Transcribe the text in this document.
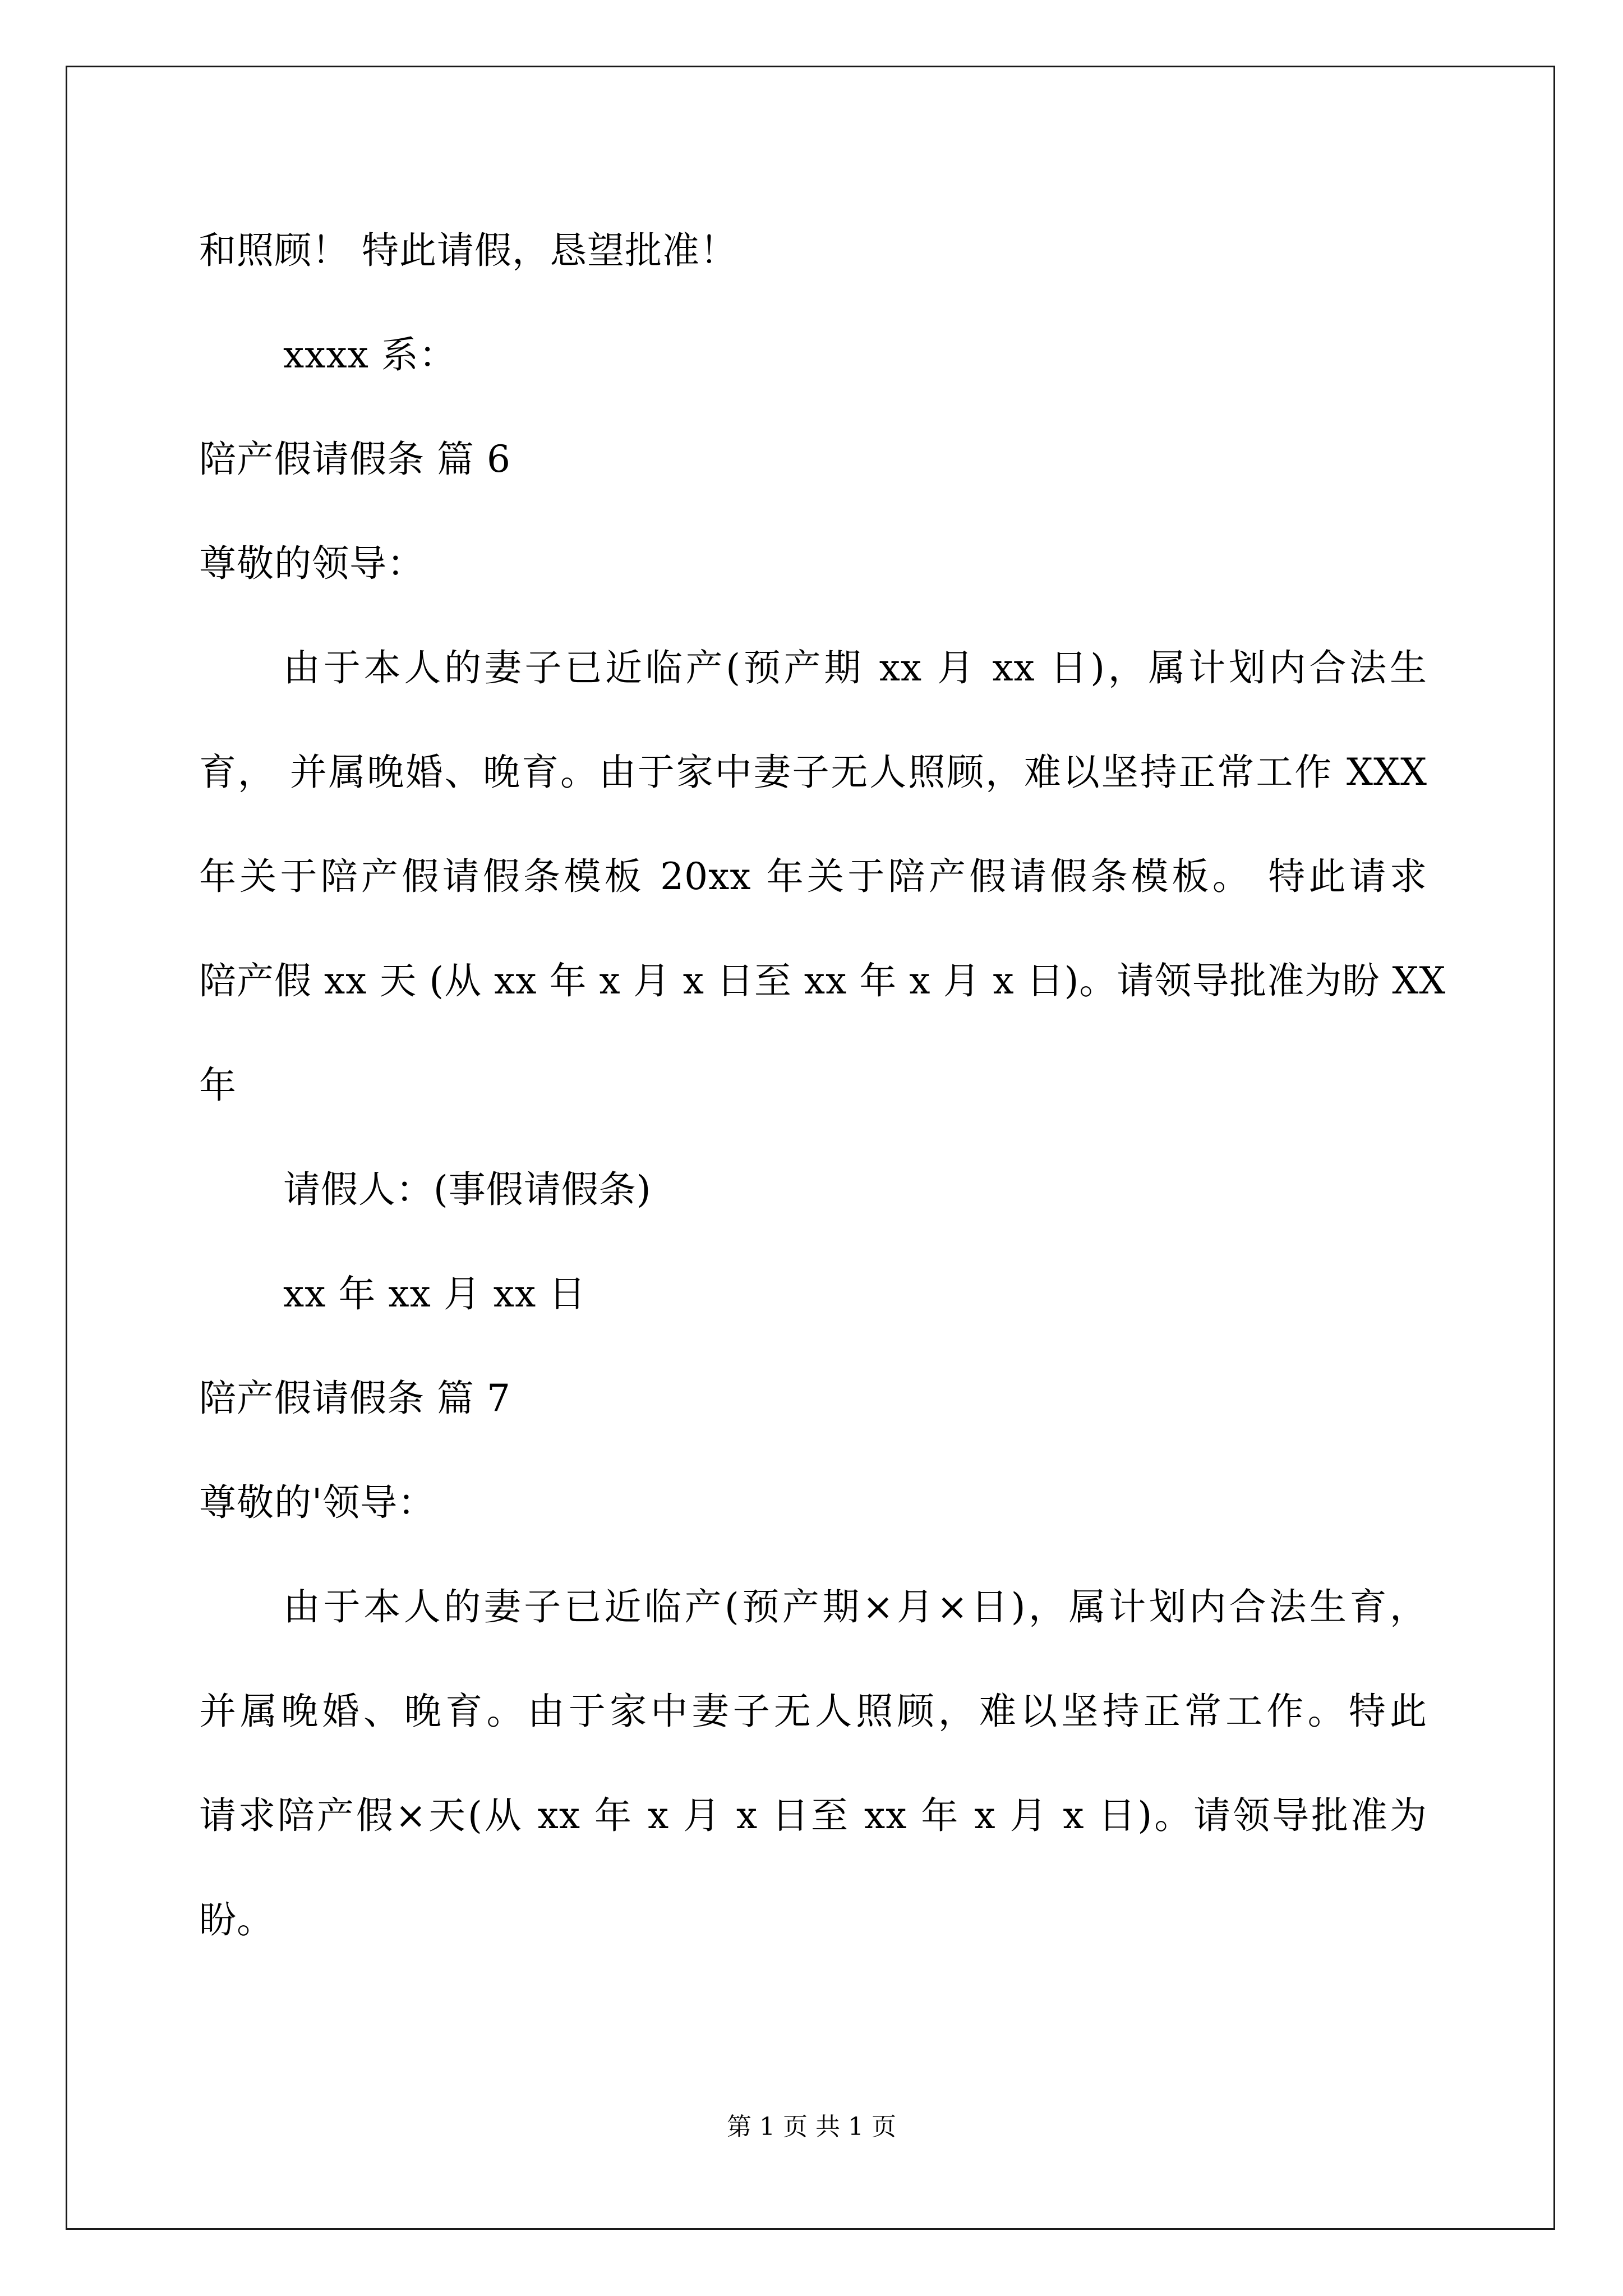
和照顾！ 特此请假，恳望批准！
xxxx 系：
陪产假请假条 篇 6
尊敬的领导：
由于本人的妻子已近临产(预产期 xx 月 xx 日)，属计划内合法生
育， 并属晚婚、晚育。由于家中妻子无人照顾，难以坚持正常工作 XXX
年关于陪产假请假条模板 20xx 年关于陪产假请假条模板。 特此请求
陪产假 xx 天 (从 xx 年 x 月 x 日至 xx 年 x 月 x 日)。请领导批准为盼 XX
年
请假人：(事假请假条)
xx 年 xx 月 xx 日
陪产假请假条 篇 7
尊敬的'领导：
由于本人的妻子已近临产(预产期×月×日)，属计划内合法生育，
并属晚婚、晚育。由于家中妻子无人照顾，难以坚持正常工作。特此
请求陪产假×天(从 xx 年 x 月 x 日至 xx 年 x 月 x 日)。请领导批准为
盼。
第 1 页 共 1 页
